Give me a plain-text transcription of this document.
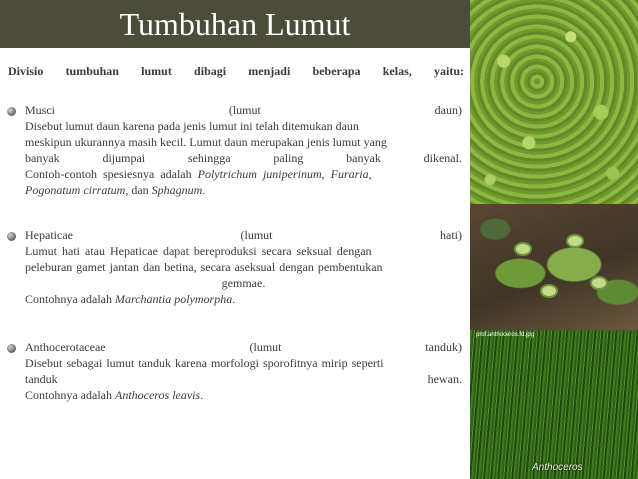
Tumbuhan Lumut
Divisio tumbuhan lumut dibagi menjadi beberapa kelas, yaitu:
Musci	(lumut	daun)
Disebut lumut daun karena pada jenis lumut ini telah ditemukan daun
meskipun ukurannya masih kecil. Lumut daun merupakan jenis lumut yang
banyak	dijumpai	sehingga	paling	banyak	dikenal.
Contoh-contoh spesiesnya adalah Polytrichum juniperinum, Furaria,
Pogonatum cirratum, dan Sphagnum.
Hepaticae	(lumut	hati)
Lumut hati atau Hepaticae dapat bereproduksi secara seksual dengan
peleburan gamet jantan dan betina, secara aseksual dengan pembentukan
gemmae.
Contohnya adalah Marchantia polymorpha.
Anthocerotaceae	(lumut	tanduk)
Disebut sebagai lumut tanduk karena morfologi sporofitnya mirip seperti
tanduk	hewan.
Contohnya adalah Anthoceros leavis.
prof.anthoceros.fd.jpg
Anthoceros
